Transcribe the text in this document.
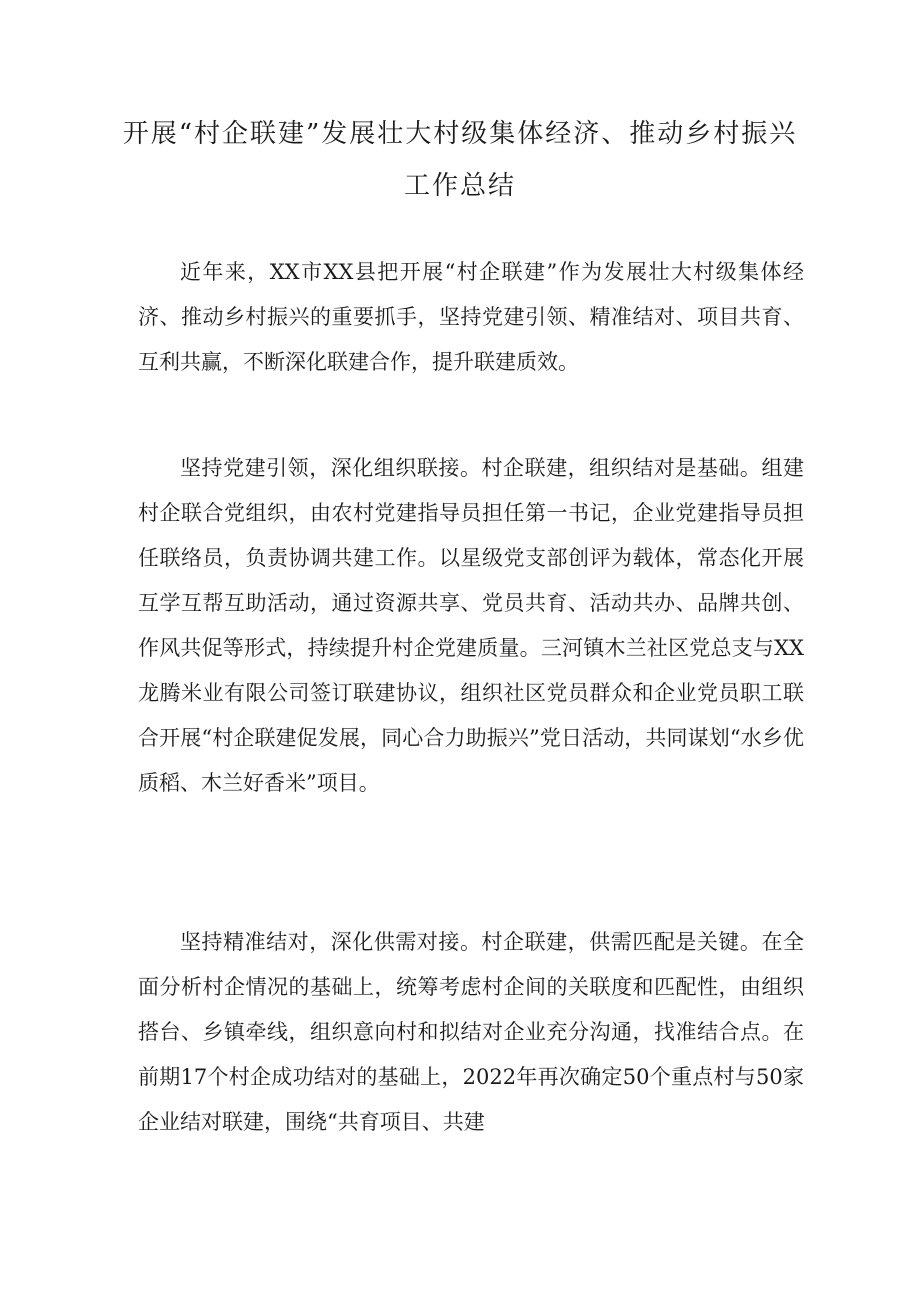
开展“村企联建”发展壮大村级集体经济、推动乡村振兴工作总结

近年来，XX市XX县把开展“村企联建”作为发展壮大村级集体经济、推动乡村振兴的重要抓手，坚持党建引领、精准结对、项目共育、互利共赢，不断深化联建合作，提升联建质效。

坚持党建引领，深化组织联接。村企联建，组织结对是基础。组建村企联合党组织，由农村党建指导员担任第一书记，企业党建指导员担任联络员，负责协调共建工作。以星级党支部创评为载体，常态化开展互学互帮互助活动，通过资源共享、党员共育、活动共办、品牌共创、作风共促等形式，持续提升村企党建质量。三河镇木兰社区党总支与XX龙腾米业有限公司签订联建协议，组织社区党员群众和企业党员职工联合开展“村企联建促发展，同心合力助振兴”党日活动，共同谋划“水乡优质稻、木兰好香米”项目。

坚持精准结对，深化供需对接。村企联建，供需匹配是关键。在全面分析村企情况的基础上，统筹考虑村企间的关联度和匹配性，由组织搭台、乡镇牵线，组织意向村和拟结对企业充分沟通，找准结合点。在前期17个村企成功结对的基础上，2022年再次确定50个重点村与50家企业结对联建，围绕“共育项目、共建
